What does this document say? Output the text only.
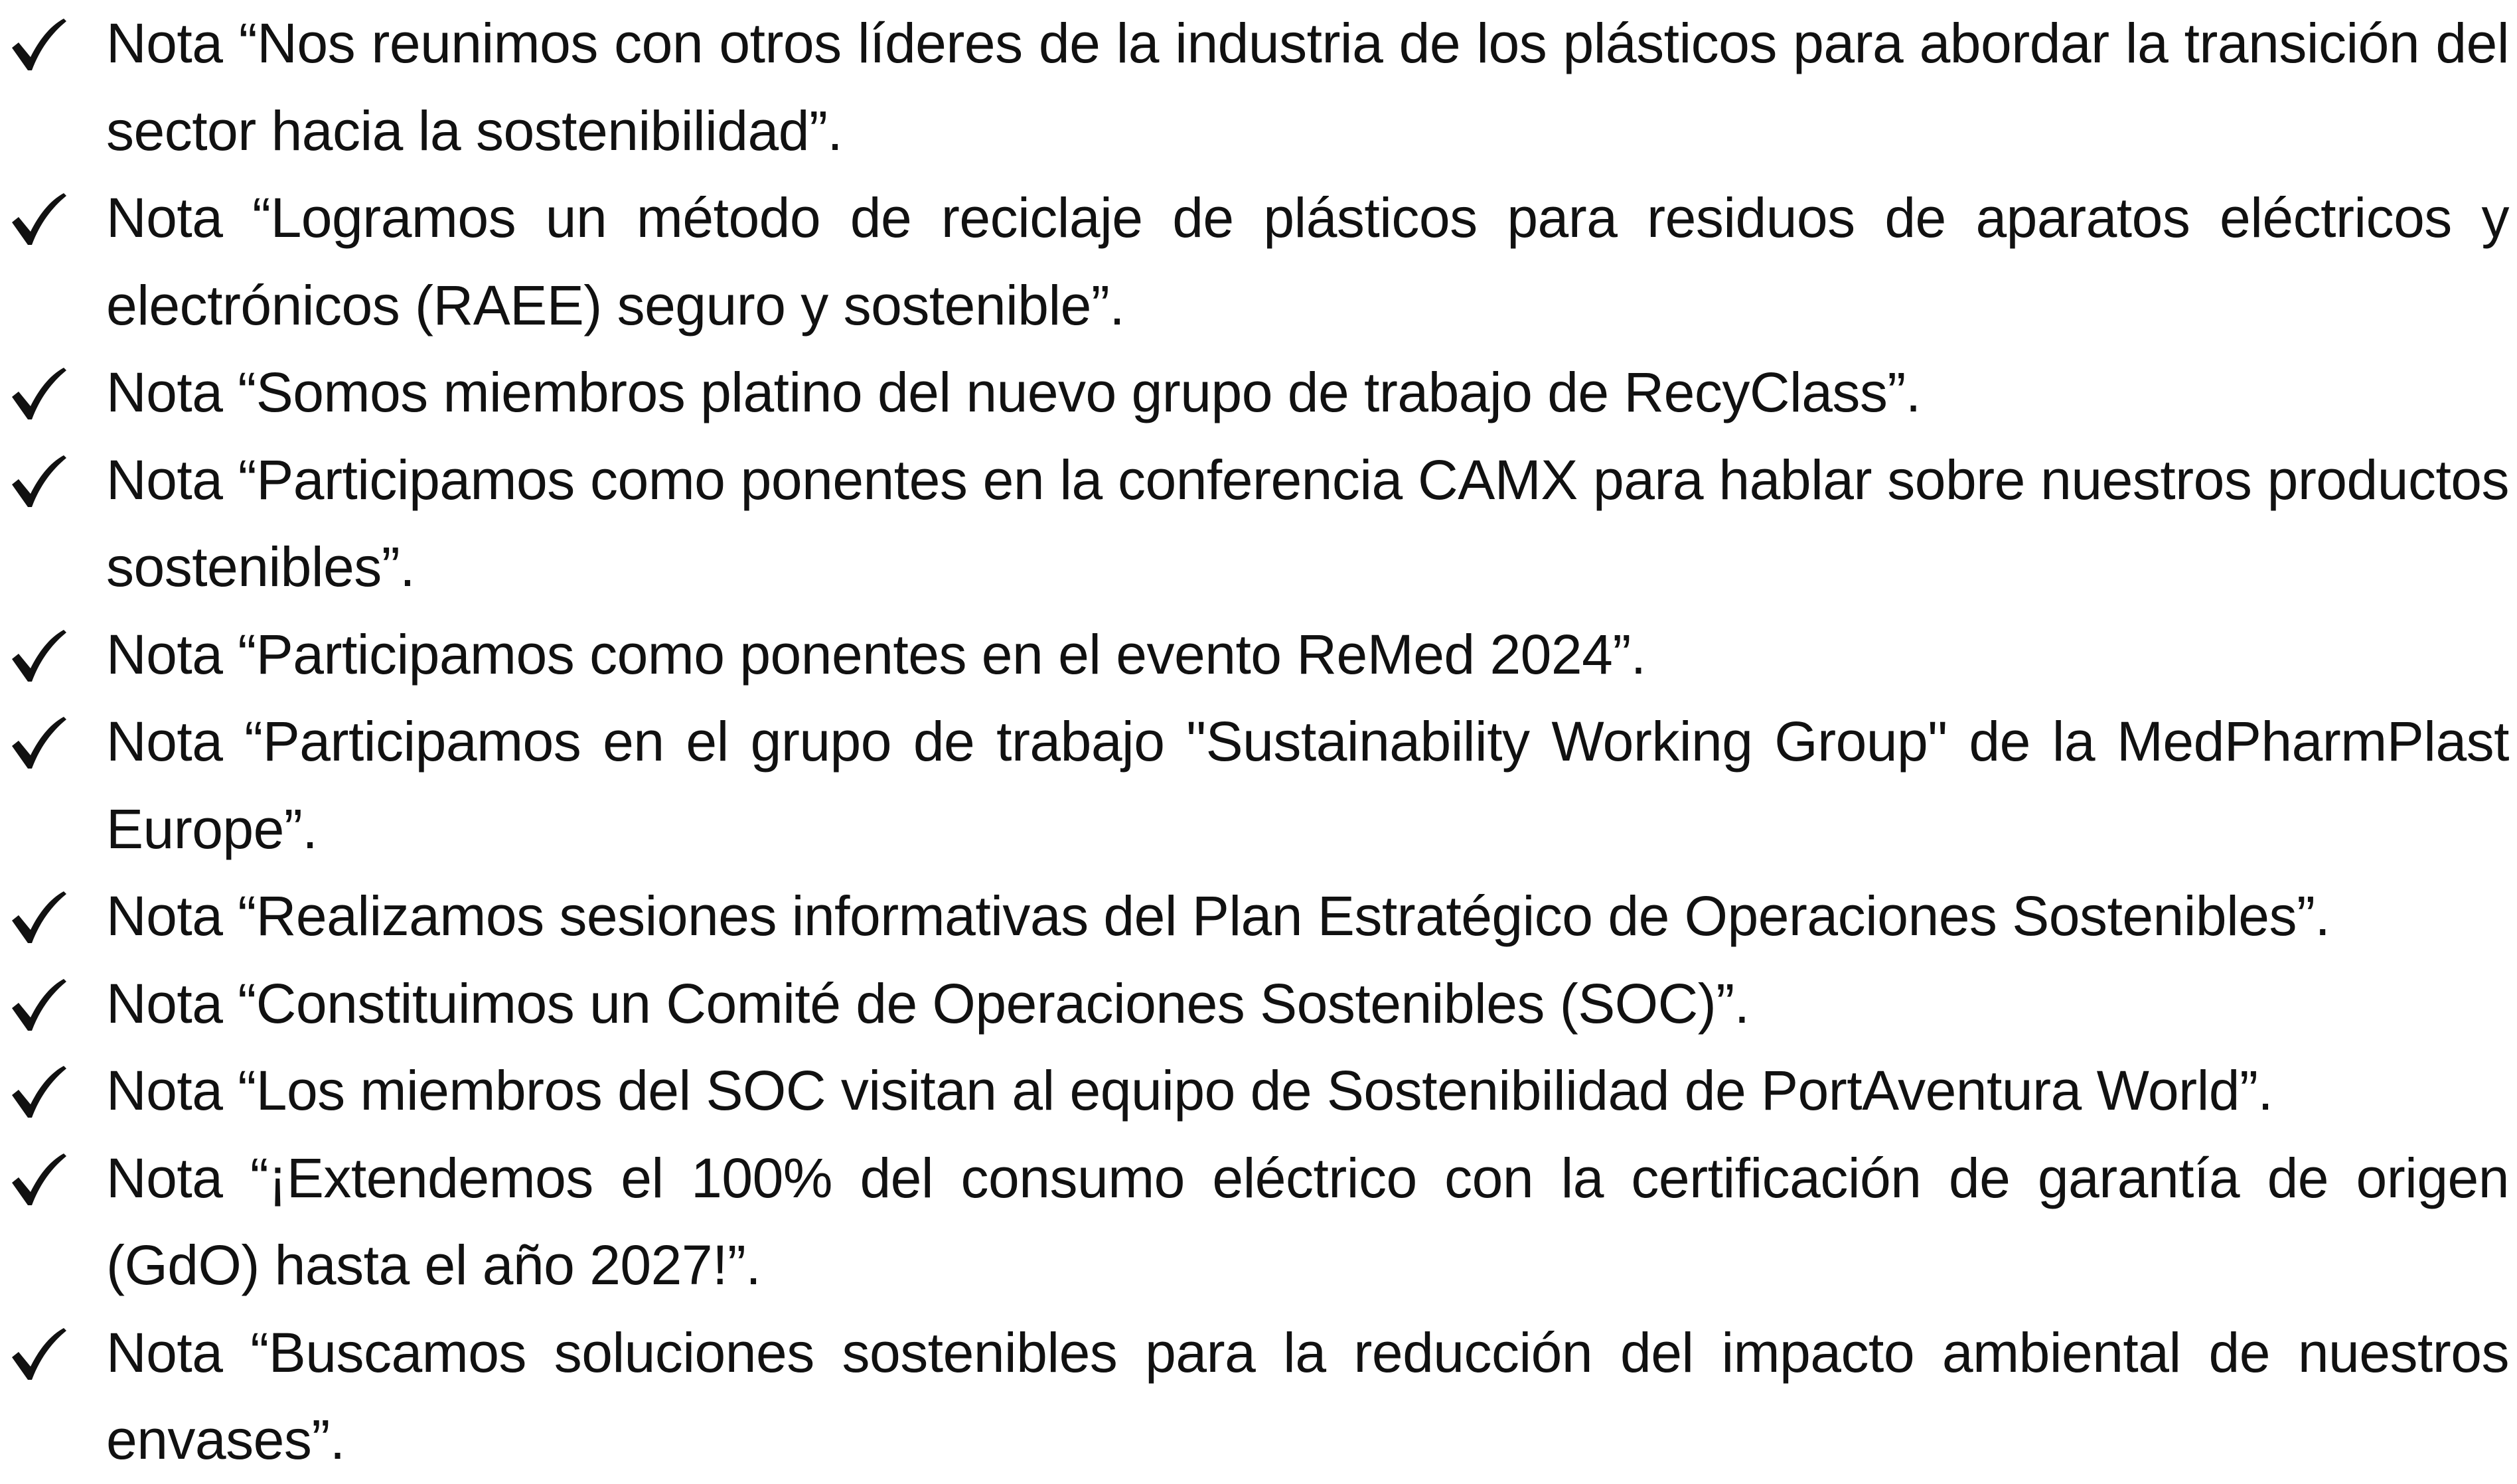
Nota “Nos reunimos con otros líderes de la industria de los plásticos para abordar la transición del sector hacia la sostenibilidad”.
Nota “Logramos un método de reciclaje de plásticos para residuos de aparatos eléctricos y electrónicos (RAEE) seguro y sostenible”.
Nota “Somos miembros platino del nuevo grupo de trabajo de RecyClass”.
Nota “Participamos como ponentes en la conferencia CAMX para hablar sobre nuestros productos sostenibles”.
Nota “Participamos como ponentes en el evento ReMed 2024”.
Nota “Participamos en el grupo de trabajo "Sustainability Working Group" de la MedPharmPlast Europe”.
Nota “Realizamos sesiones informativas del Plan Estratégico de Operaciones Sostenibles”.
Nota “Constituimos un Comité de Operaciones Sostenibles (SOC)”.
Nota “Los miembros del SOC visitan al equipo de Sostenibilidad de PortAventura World”.
Nota “¡Extendemos el 100% del consumo eléctrico con la certificación de garantía de origen (GdO) hasta el año 2027!”.
Nota “Buscamos soluciones sostenibles para la reducción del impacto ambiental de nuestros envases”.
